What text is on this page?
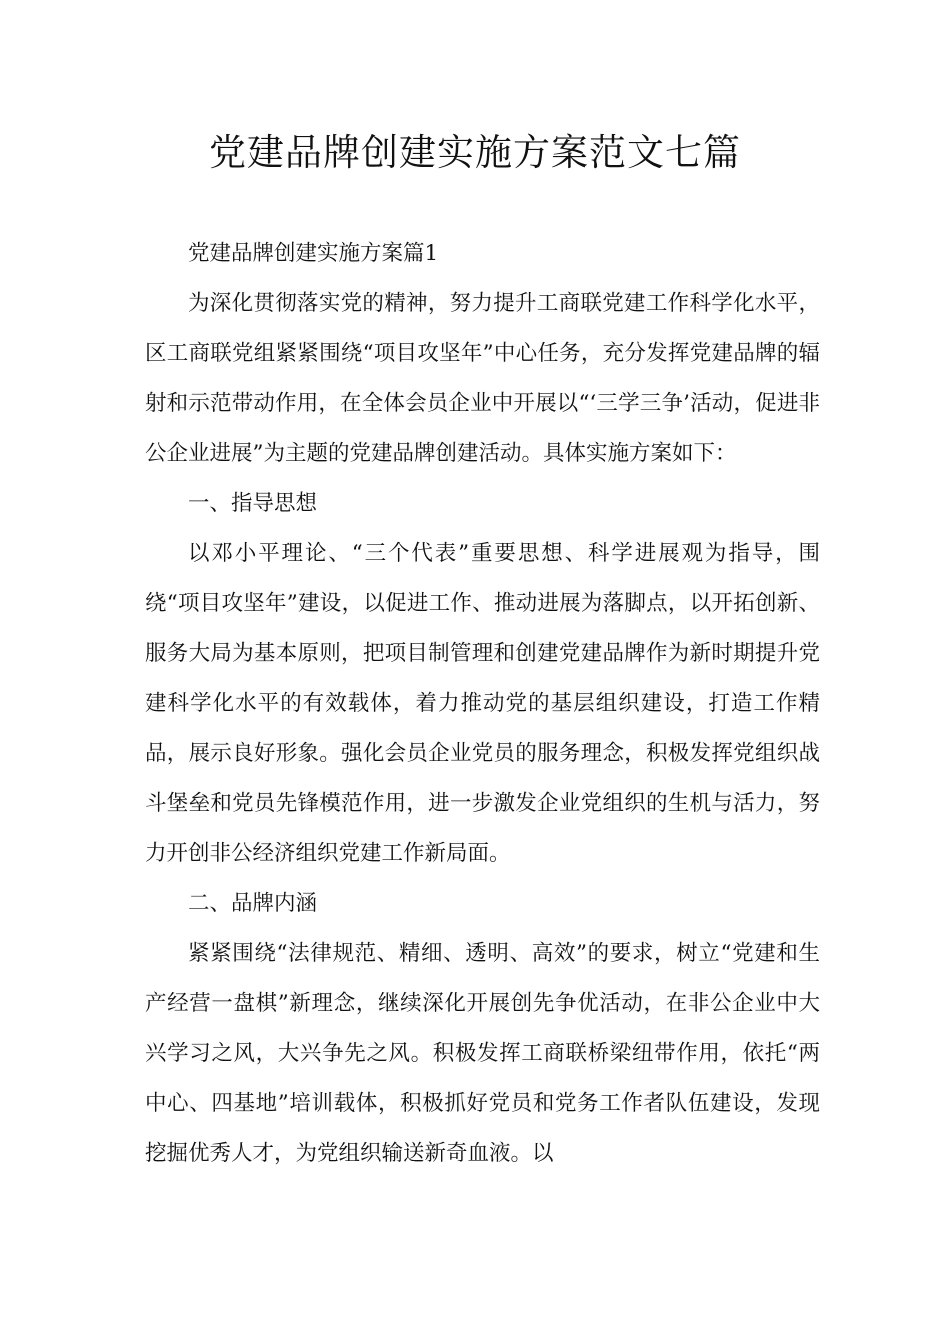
党建品牌创建实施方案范文七篇

党建品牌创建实施方案篇1

为深化贯彻落实党的精神，努力提升工商联党建工作科学化水平，区工商联党组紧紧围绕“项目攻坚年”中心任务，充分发挥党建品牌的辐射和示范带动作用，在全体会员企业中开展以“‘三学三争’活动，促进非公企业进展”为主题的党建品牌创建活动。具体实施方案如下：

一、指导思想

以邓小平理论、“三个代表”重要思想、科学进展观为指导，围绕“项目攻坚年”建设，以促进工作、推动进展为落脚点，以开拓创新、服务大局为基本原则，把项目制管理和创建党建品牌作为新时期提升党建科学化水平的有效载体，着力推动党的基层组织建设，打造工作精品，展示良好形象。强化会员企业党员的服务理念，积极发挥党组织战斗堡垒和党员先锋模范作用，进一步激发企业党组织的生机与活力，努力开创非公经济组织党建工作新局面。

二、品牌内涵

紧紧围绕“法律规范、精细、透明、高效”的要求，树立“党建和生产经营一盘棋”新理念，继续深化开展创先争优活动，在非公企业中大兴学习之风，大兴争先之风。积极发挥工商联桥梁纽带作用，依托“两中心、四基地”培训载体，积极抓好党员和党务工作者队伍建设，发现挖掘优秀人才，为党组织输送新奇血液。以
